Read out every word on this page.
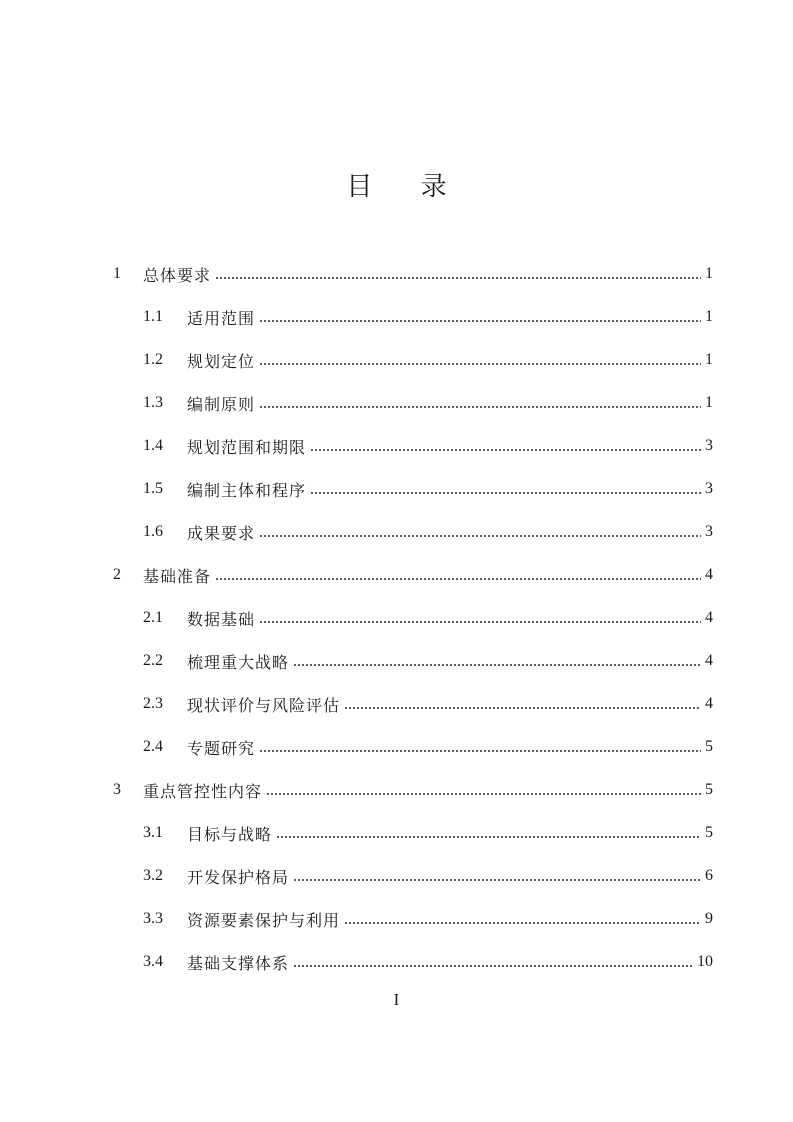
目 录
1	总体要求	1
1.1	适用范围	1
1.2	规划定位	1
1.3	编制原则	1
1.4	规划范围和期限	3
1.5	编制主体和程序	3
1.6	成果要求	3
2	基础准备	4
2.1	数据基础	4
2.2	梳理重大战略	4
2.3	现状评价与风险评估	4
2.4	专题研究	5
3	重点管控性内容	5
3.1	目标与战略	5
3.2	开发保护格局	6
3.3	资源要素保护与利用	9
3.4	基础支撑体系	10
I
